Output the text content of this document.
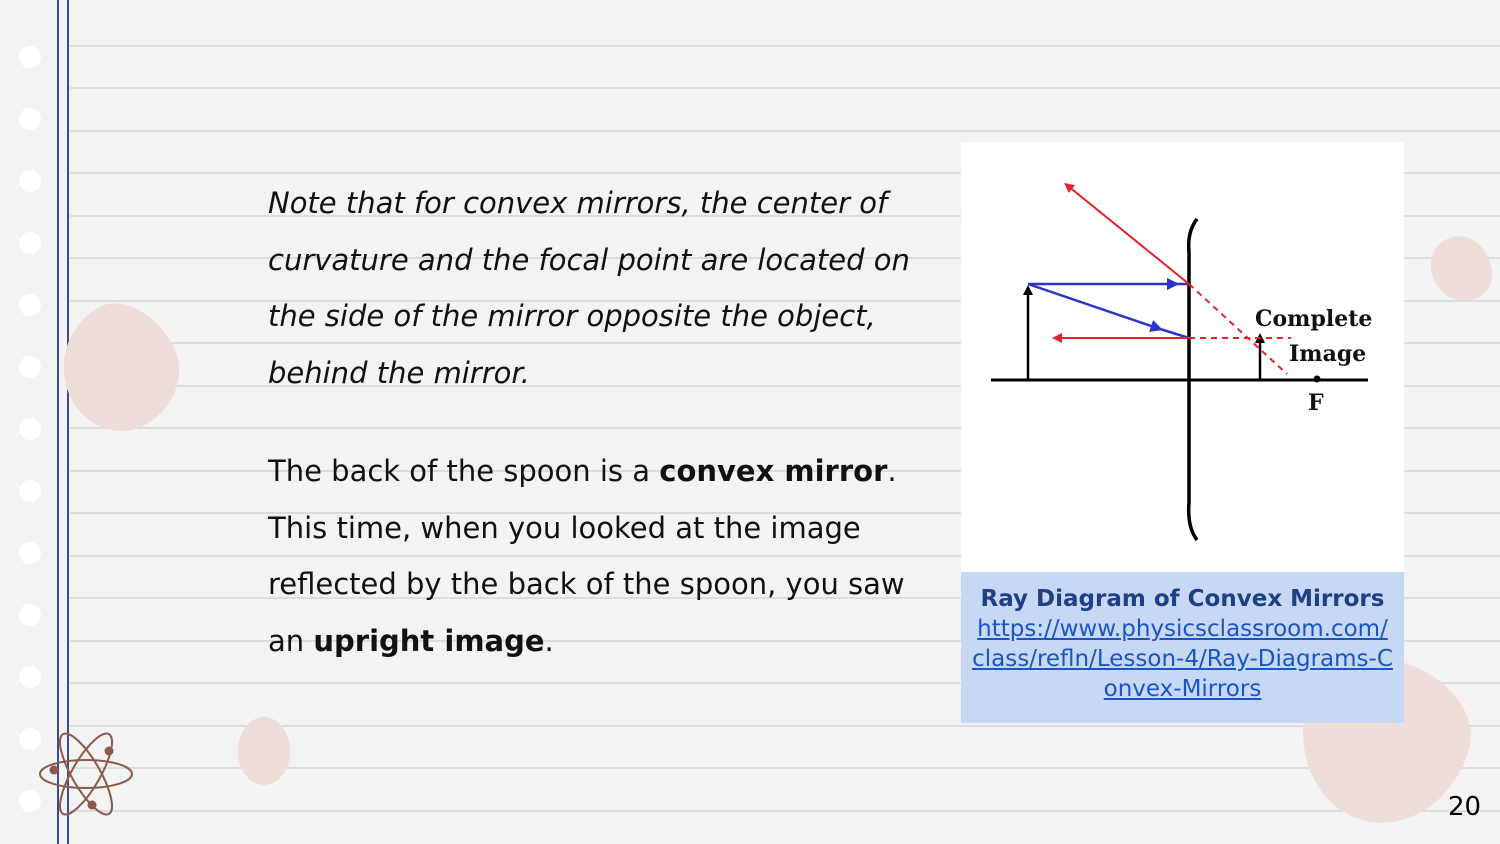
Note that for convex mirrors, the center of curvature and the focal point are located on the side of the mirror opposite the object, behind the mirror.

The back of the spoon is a convex mirror. This time, when you looked at the image reflected by the back of the spoon, you saw an upright image.

Complete
Image
F
Ray Diagram of Convex Mirrors
https://www.physicsclassroom.com/class/refln/Lesson-4/Ray-Diagrams-Convex-Mirrors
20
